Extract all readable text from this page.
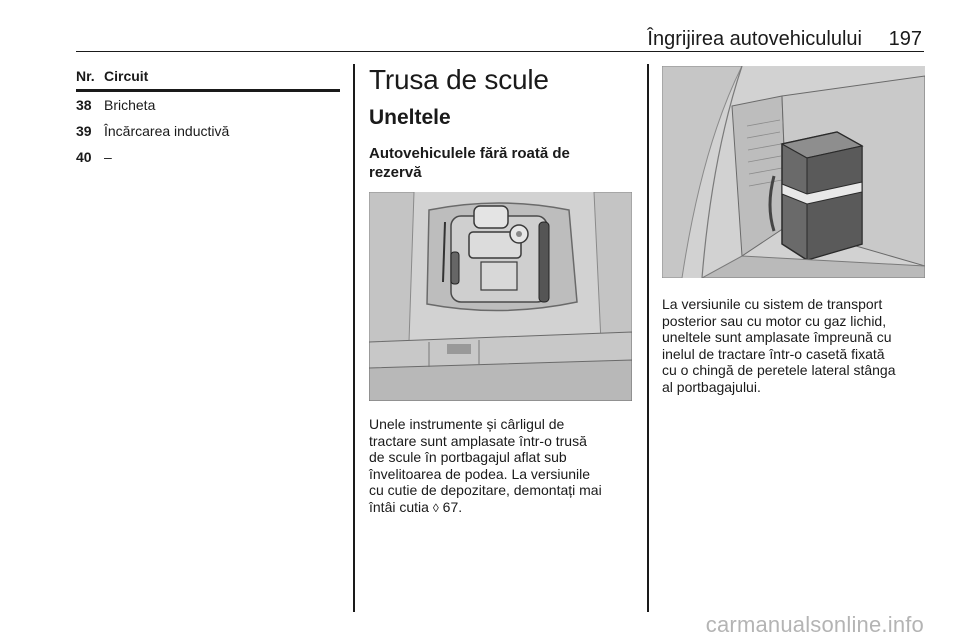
Îngrijirea autovehiculului 197
Nr. Circuit
38 Bricheta
39 Încărcarea inductivă
40 –
Trusa de scule
Uneltele
Autovehiculele fără roată de rezervă
Unele instrumente și cârligul de
tractare sunt amplasate într-o trusă
de scule în portbagajul aflat sub
învelitoarea de podea. La versiunile
cu cutie de depozitare, demontați mai
întâi cutia ◊ 67.
La versiunile cu sistem de transport
posterior sau cu motor cu gaz lichid,
uneltele sunt amplasate împreună cu
inelul de tractare într-o casetă fixată
cu o chingă de peretele lateral stânga
al portbagajului.
carmanualsonline.info
